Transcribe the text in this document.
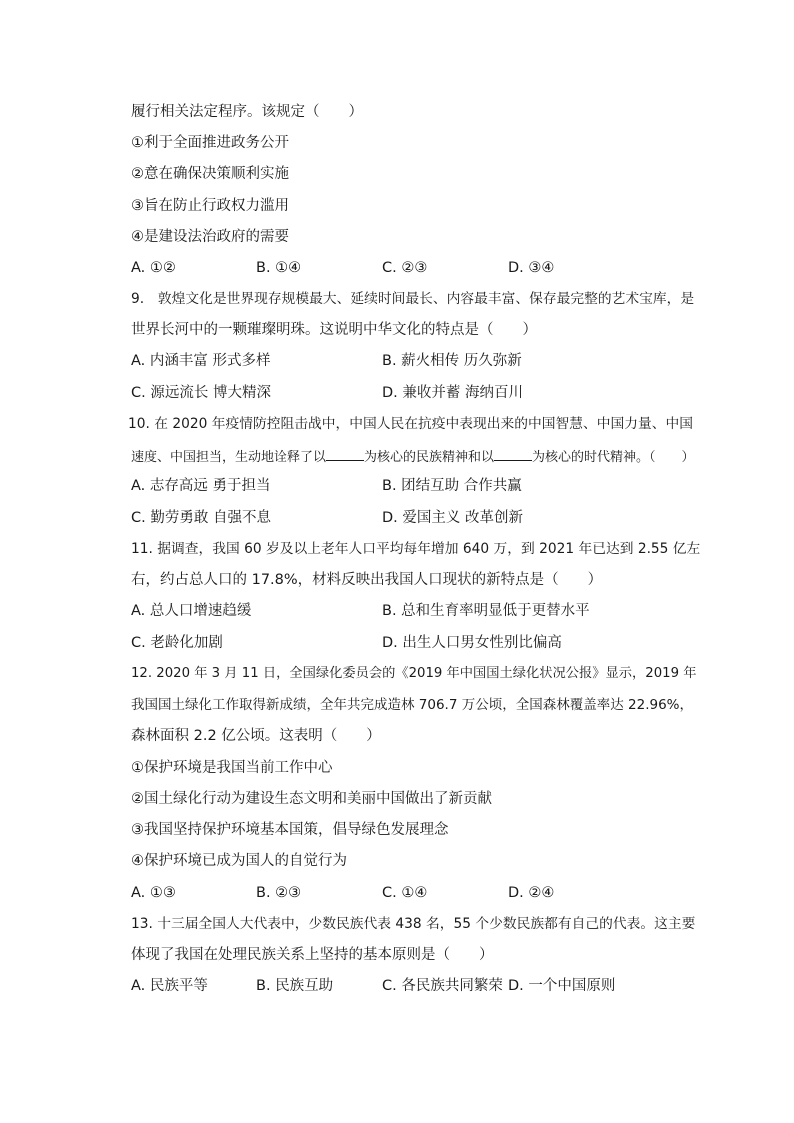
履行相关法定程序。该规定（　　）
①利于全面推进政务公开
②意在确保决策顺利实施
③旨在防止行政权力滥用
④是建设法治政府的需要
A. ①②	B. ①④	C. ②③	D. ③④
9.　敦煌文化是世界现存规模最大、延续时间最长、内容最丰富、保存最完整的艺术宝库，是
世界长河中的一颗璀璨明珠。这说明中华文化的特点是（　　）
A. 内涵丰富 形式多样	B. 薪火相传 历久弥新
C. 源远流长 博大精深	D. 兼收并蓄 海纳百川
10. 在 2020 年疫情防控阻击战中，中国人民在抗疫中表现出来的中国智慧、中国力量、中国
速度、中国担当，生动地诠释了以	为核心的民族精神和以	为核心的时代精神。（　　）
A. 志存高远 勇于担当	B. 团结互助 合作共赢
C. 勤劳勇敢 自强不息	D. 爱国主义 改革创新
11. 据调查，我国 60 岁及以上老年人口平均每年增加 640 万，到 2021 年已达到 2.55 亿左
右，约占总人口的 17.8%，材料反映出我国人口现状的新特点是（　　）
A. 总人口增速趋缓	B. 总和生育率明显低于更替水平
C. 老龄化加剧	D. 出生人口男女性别比偏高
12. 2020 年 3 月 11 日，全国绿化委员会的《2019 年中国国土绿化状况公报》显示，2019 年
我国国土绿化工作取得新成绩，全年共完成造林 706.7 万公顷，全国森林覆盖率达 22.96%，
森林面积 2.2 亿公顷。这表明（　　）
①保护环境是我国当前工作中心
②国土绿化行动为建设生态文明和美丽中国做出了新贡献
③我国坚持保护环境基本国策，倡导绿色发展理念
④保护环境已成为国人的自觉行为
A. ①③	B. ②③	C. ①④	D. ②④
13. 十三届全国人大代表中，少数民族代表 438 名，55 个少数民族都有自己的代表。这主要
体现了我国在处理民族关系上坚持的基本原则是（　　）
A. 民族平等	B. 民族互助	C. 各民族共同繁荣 D. 一个中国原则
